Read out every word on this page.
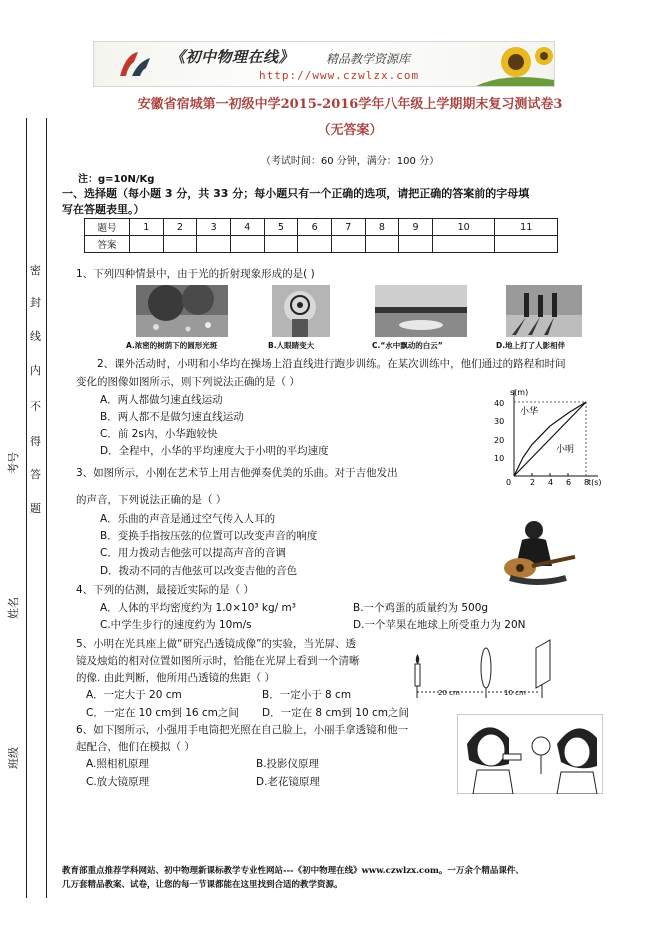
《初中物理在线》	精品教学资源库
http://www.czwlzx.com
安徽省宿城第一初级中学2015-2016学年八年级上学期期末复习测试卷3
（无答案）
（考试时间：60 分钟，满分：100 分）
注：g=10N/Kg
密
封
线
内
不
得
答
题
考号
姓名
班级
一、选择题（每小题 3 分，共 33 分；每小题只有一个正确的选项，请把正确的答案前的字母填
写在答题表里。）
题号	1	2	3	4	5	6	7	8	9	10	11
答案											
1、下列四种情景中，由于光的折射现象形成的是( )
A.浓密的树荫下的圆形光斑	B.人眼睛变大	C.“水中飘动的白云”	D.地上打了人影相伴
2、课外活动时，小明和小华均在操场上沿直线进行跑步训练。在某次训练中，他们通过的路程和时间
变化的图像如图所示，则下列说法正确的是（ ）
A．两人都做匀速直线运动
B．两人都不是做匀速直线运动
C．前 2s内，小华跑较快
D．全程中，小华的平均速度大于小明的平均速度
s(m)
t(s)
0
40
30
20
10
2 4 6 8
小华
小明
3、如图所示，小刚在艺术节上用吉他弹奏优美的乐曲。对于吉他发出
的声音，下列说法正确的是（ ）
A．乐曲的声音是通过空气传入人耳的
B．变换手指按压弦的位置可以改变声音的响度
C．用力拨动吉他弦可以提高声音的音调
D．拨动不同的吉他弦可以改变吉他的音色
4、下列的估测，最接近实际的是（ ）
A．人体的平均密度约为 1.0×10³ kg/ m³	B.一个鸡蛋的质量约为 500g
C.中学生步行的速度约为 10m/s	D.一个苹果在地球上所受重力为 20N
5、小明在光具座上做“研究凸透镜成像”的实验，当光屏、透
镜及烛焰的相对位置如图所示时，恰能在光屏上看到一个清晰
的像. 由此判断，他所用凸透镜的焦距（ ）
A．一定大于 20 cm	B．一定小于 8 cm
C．一定在 10 cm到 16 cm之间 D．一定在 8 cm到 10 cm之间
20 cm	10 cm
6、如下图所示，小强用手电筒把光照在自己脸上，小丽手拿透镜和他一
起配合，他们在模拟（ ）
A.照相机原理	B.投影仪原理
C.放大镜原理	D.老花镜原理
教育部重点推荐学科网站、初中物理新课标教学专业性网站---《初中物理在线》www.czwlzx.com。一万余个精品课件、
几万套精品教案、试卷，让您的每一节课都能在这里找到合适的教学资源。
